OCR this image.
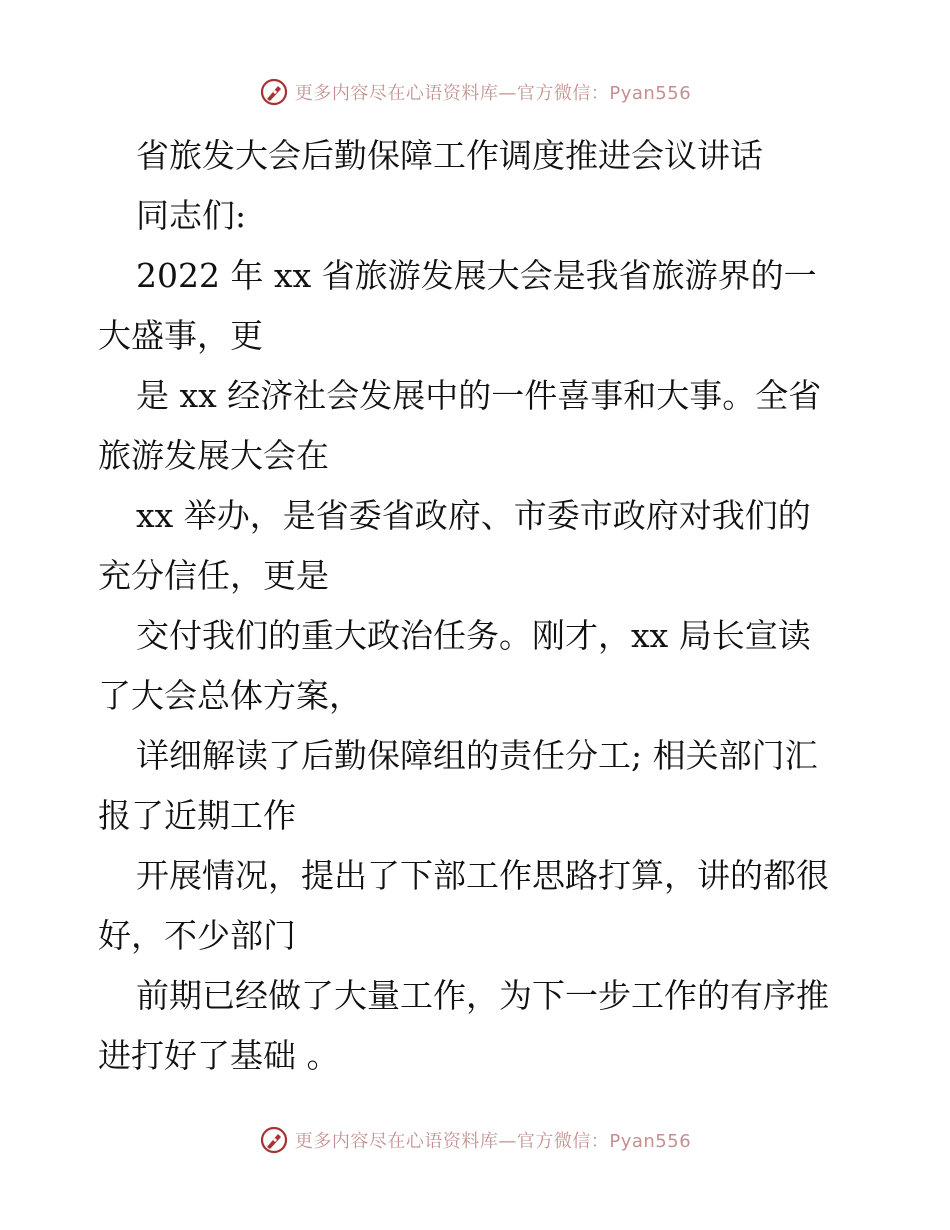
更多内容尽在心语资料库—官方微信：Pyan556

省旅发大会后勤保障工作调度推进会议讲话

同志们:

2022 年 xx 省旅游发展大会是我省旅游界的一
大盛事，更

是 xx 经济社会发展中的一件喜事和大事。全省
旅游发展大会在

xx 举办，是省委省政府、市委市政府对我们的
充分信任，更是

交付我们的重大政治任务。刚才，xx 局长宣读
了大会总体方案，

详细解读了后勤保障组的责任分工; 相关部门汇
报了近期工作

开展情况，提出了下部工作思路打算，讲的都很
好，不少部门

前期已经做了大量工作，为下一步工作的有序推
进打好了基础 。

更多内容尽在心语资料库—官方微信：Pyan556
